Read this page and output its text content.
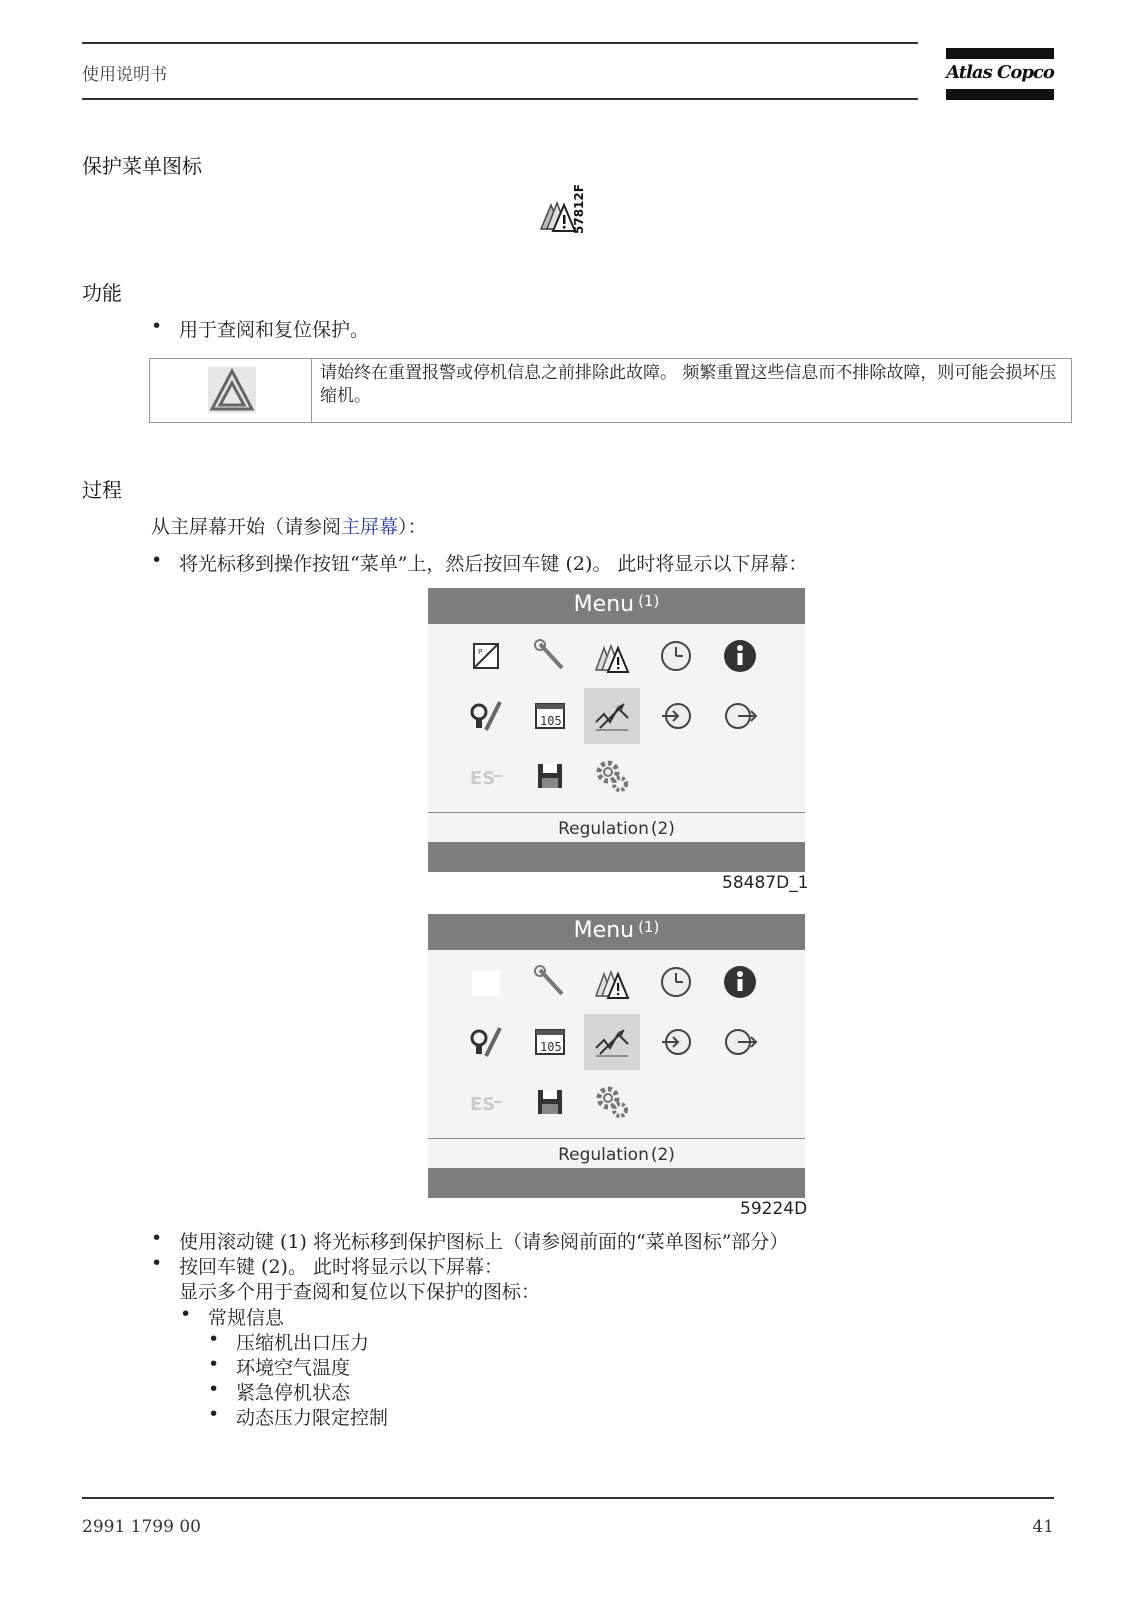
使用说明书	Atlas Copco
保护菜单图标
57812F
功能
• 用于查阅和复位保护。
请始终在重置报警或停机信息之前排除此故障。 频繁重置这些信息而不排除故障，则可能会损坏压缩机。
过程
从主屏幕开始（请参阅主屏幕）：
• 将光标移到操作按钮“菜单”上，然后按回车键 (2)。 此时将显示以下屏幕：
Menu $^{(1)}$
P
105
ES
Regulation (2)
58487D_1
Menu $^{(1)}$
105
ES
Regulation (2)
59224D
• 使用滚动键 (1) 将光标移到保护图标上（请参阅前面的“菜单图标”部分）
• 按回车键 (2)。 此时将显示以下屏幕：
显示多个用于查阅和复位以下保护的图标：
• 常规信息
• 压缩机出口压力
• 环境空气温度
• 紧急停机状态
• 动态压力限定控制
2991 1799 00	41
